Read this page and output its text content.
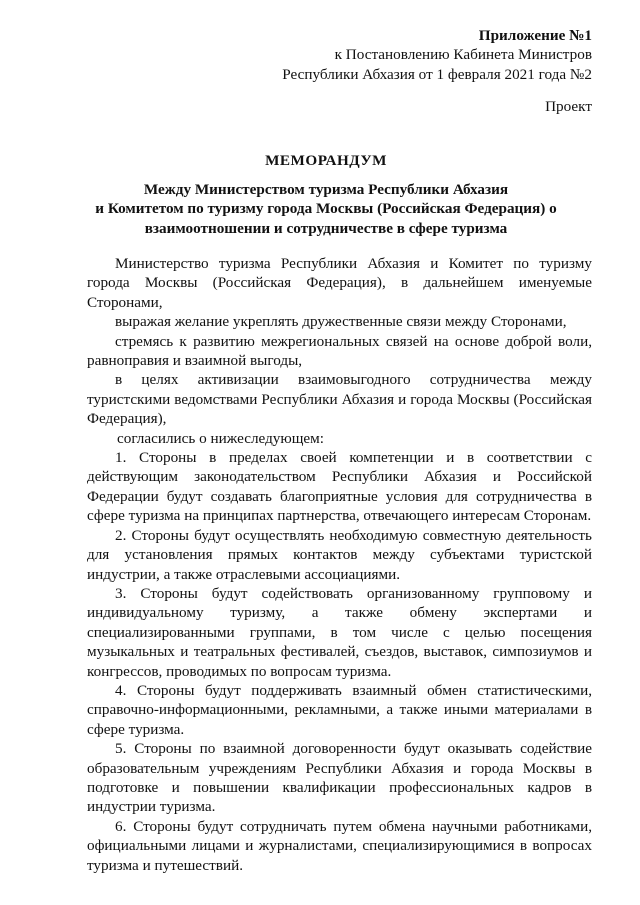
Приложение №1
к Постановлению Кабинета Министров
Республики Абхазия от 1 февраля 2021 года №2
Проект
МЕМОРАНДУМ
Между Министерством туризма Республики Абхазия
и Комитетом по туризму города Москвы (Российская Федерация) о
взаимоотношении и сотрудничестве в сфере туризма

Министерство туризма Республики Абхазия и Комитет по туризму города Москвы (Российская Федерация), в дальнейшем именуемые Сторонами,

выражая желание укреплять дружественные связи между Сторонами,

стремясь к развитию межрегиональных связей на основе доброй воли, равноправия и взаимной выгоды,

в целях активизации взаимовыгодного сотрудничества между туристскими ведомствами Республики Абхазия и города Москвы (Российская Федерация),

согласились о нижеследующем:

1. Стороны в пределах своей компетенции и в соответствии с действующим законодательством Республики Абхазия и Российской Федерации будут создавать благоприятные условия для сотрудничества в сфере туризма на принципах партнерства, отвечающего интересам Сторонам.

2. Стороны будут осуществлять необходимую совместную деятельность для установления прямых контактов между субъектами туристской индустрии, а также отраслевыми ассоциациями.

3. Стороны будут содействовать организованному групповому и индивидуальному туризму, а также обмену экспертами и специализированными группами, в том числе с целью посещения музыкальных и театральных фестивалей, съездов, выставок, симпозиумов и конгрессов, проводимых по вопросам туризма.

4. Стороны будут поддерживать взаимный обмен статистическими, справочно-информационными, рекламными, а также иными материалами в сфере туризма.

5. Стороны по взаимной договоренности будут оказывать содействие образовательным учреждениям Республики Абхазия и города Москвы в подготовке и повышении квалификации профессиональных кадров в индустрии туризма.

6. Стороны будут сотрудничать путем обмена научными работниками, официальными лицами и журналистами, специализирующимися в вопросах туризма и путешествий.
